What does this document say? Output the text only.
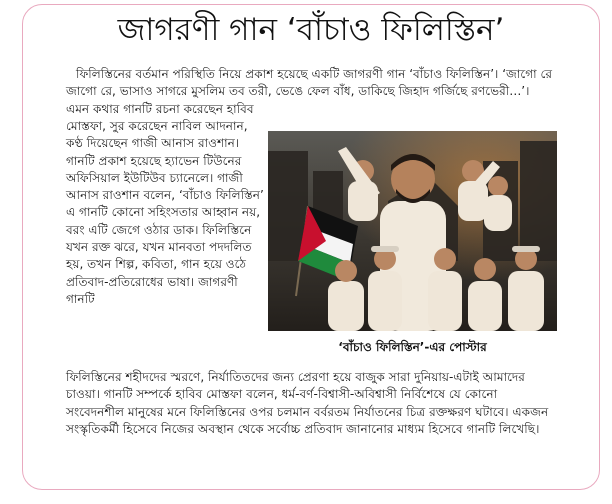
জাগরণী গান ‘বাঁচাও ফিলিস্তিন’

ফিলিস্তিনের বর্তমান পরিস্থিতি নিয়ে প্রকাশ হয়েছে একটি জাগরণী গান ‘বাঁচাও ফিলিস্তিন’। ‘জাগো রে জাগো রে, ভাসাও সাগরে মুসলিম তব তরী, ভেঙে ফেল বাঁধ, ডাকিছে জিহাদ গর্জিছে রণভেরী…’। এমন কথার গানটি রচনা করেছেন হাবিব

মোস্তফা, সুর করেছেন নাবিল আদনান, কণ্ঠ দিয়েছেন গাজী আনাস রাওশান। গানটি প্রকাশ হয়েছে হ্যাভেন টিউনের অফিসিয়াল ইউটিউব চ্যানেলে। গাজী আনাস রাওশান বলেন, ‘বাঁচাও ফিলিস্তিন’ এ গানটি কোনো সহিংসতার আহ্বান নয়, বরং এটি জেগে ওঠার ডাক। ফিলিস্তিনে যখন রক্ত ঝরে, যখন মানবতা পদদলিত হয়, তখন শিল্প, কবিতা, গান হয়ে ওঠে প্রতিবাদ-প্রতিরোধের ভাষা। জাগরণী গানটি

‘বাঁচাও ফিলিস্তিন’-এর পোস্টার

ফিলিস্তিনের শহীদদের স্মরণে, নির্যাতিতদের জন্য প্রেরণা হয়ে বাজুক সারা দুনিয়ায়-এটাই আমাদের চাওয়া। গানটি সম্পর্কে হাবিব মোস্তফা বলেন, ধর্ম-বর্ণ-বিশ্বাসী-অবিশ্বাসী নির্বিশেষে যে কোনো সংবেদনশীল মানুষের মনে ফিলিস্তিনের ওপর চলমান বর্বরতম নির্যাতনের চিত্র রক্তক্ষরণ ঘটাবে। একজন সংস্কৃতিকর্মী হিসেবে নিজের অবস্থান থেকে সর্বোচ্চ প্রতিবাদ জানানোর মাধ্যম হিসেবে গানটি লিখেছি।
